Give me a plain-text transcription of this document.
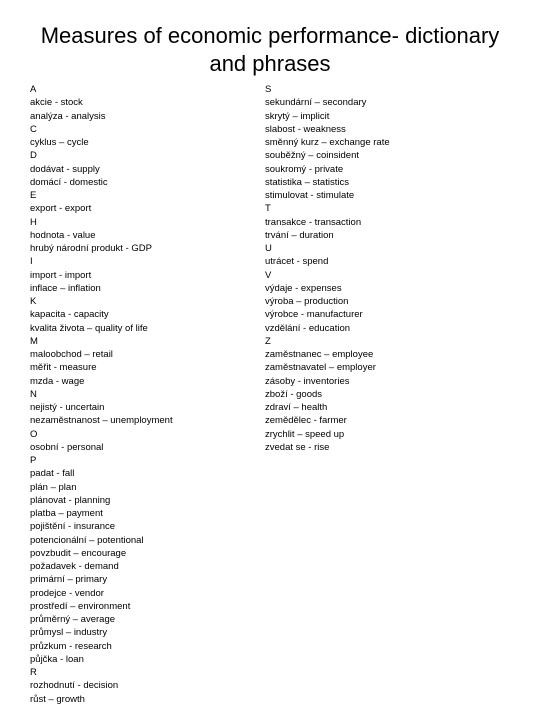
Measures of economic performance- dictionary
and phrases
A
akcie - stock
analýza - analysis
C
cyklus – cycle
D
dodávat - supply
domácí - domestic
E
export - export
H
hodnota - value
hrubý národní produkt - GDP
I
import - import
inflace – inflation
K
kapacita - capacity
kvalita života – quality of life
M
maloobchod – retail
měřit - measure
mzda - wage
N
nejistý - uncertain
nezaměstnanost – unemployment
O
osobní - personal
P
padat - fall
plán – plan
plánovat - planning
platba – payment
pojištění - insurance
potencionální – potentional
povzbudit – encourage
požadavek - demand
primární – primary
prodejce - vendor
prostředí – environment
průměrný – average
průmysl – industry
průzkum - research
půjčka - loan
R
rozhodnutí - decision
růst – growth
S
sekundární – secondary
skrytý – implicit
slabost - weakness
směnný kurz – exchange rate
souběžný – coinsident
soukromý - private
statistika – statistics
stimulovat - stimulate
T
transakce - transaction
trvání – duration
U
utrácet - spend
V
výdaje - expenses
výroba – production
výrobce - manufacturer
vzdělání - education
Z
zaměstnanec – employee
zaměstnavatel – employer
zásoby - inventories
zboží - goods
zdraví – health
zemědělec - farmer
zrychlit – speed up
zvedat se - rise
